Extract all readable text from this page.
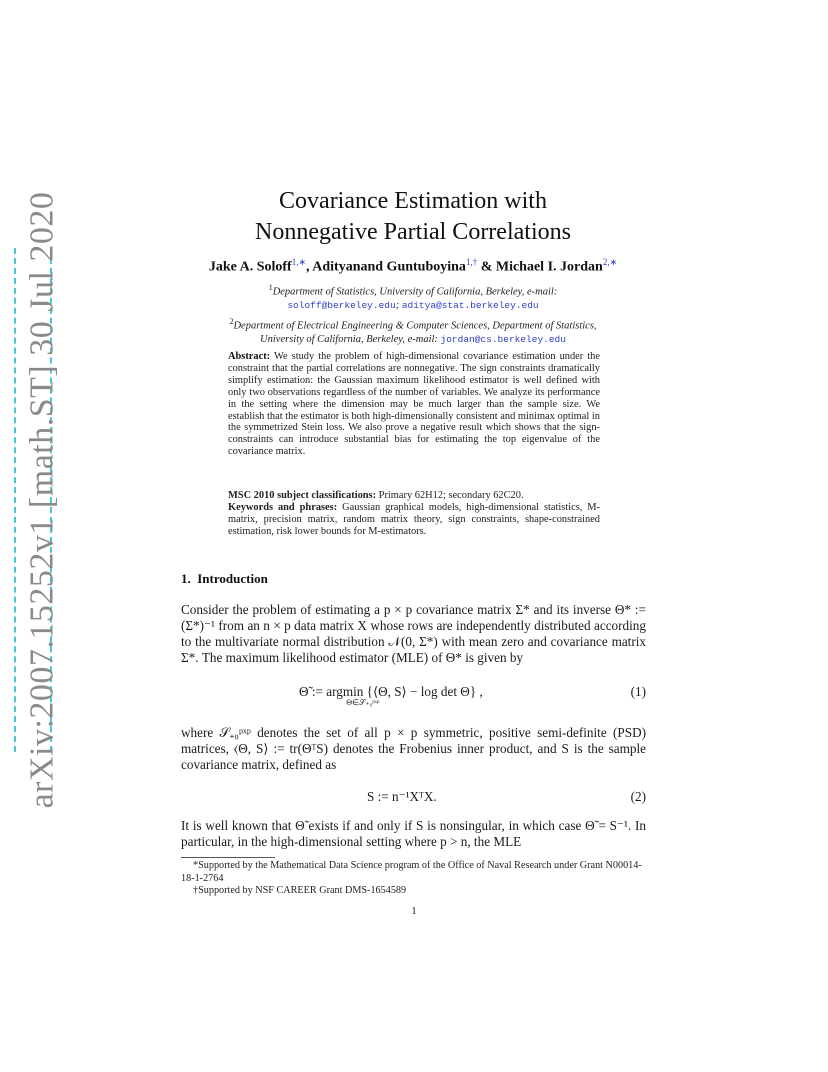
arXiv:2007.15252v1 [math.ST] 30 Jul 2020	Covariance Estimation with
Nonnegative Partial Correlations
Jake A. Soloff$^{1,∗}$, Adityanand Guntuboyina$^{1,\dagger}$ & Michael I. Jordan$^{2,∗}$
$^1$Department of Statistics, University of California, Berkeley, e-mail:
soloff@berkeley.edu; aditya@stat.berkeley.edu
$^2$Department of Electrical Engineering & Computer Sciences, Department of Statistics,
University of California, Berkeley, e-mail: jordan@cs.berkeley.edu
Abstract: We study the problem of high-dimensional covariance estimation under the constraint that the partial correlations are nonnegative. The sign constraints dramatically simplify estimation: the Gaussian maximum likelihood estimator is well defined with only two observations regardless of the number of variables. We analyze its performance in the setting where the dimension may be much larger than the sample size. We establish that the estimator is both high-dimensionally consistent and minimax optimal in the symmetrized Stein loss. We also prove a negative result which shows that the sign-constraints can introduce substantial bias for estimating the top eigenvalue of the covariance matrix.
MSC 2010 subject classifications: Primary 62H12; secondary 62C20.
Keywords and phrases: Gaussian graphical models, high-dimensional statistics, M-matrix, precision matrix, random matrix theory, sign constraints, shape-constrained estimation, risk lower bounds for M-estimators.
1. Introduction
Consider the problem of estimating a p × p covariance matrix Σ* and its inverse Θ* := (Σ*)⁻¹ from an n × p data matrix X whose rows are independently distributed according to the multivariate normal distribution 𝒩(0, Σ*) with mean zero and covariance matrix Σ*. The maximum likelihood estimator (MLE) of Θ* is given by
Θ̃ := argmin {⟨Θ, S⟩ − log det Θ} ,
Θ∈𝒮₊₀ᵖˣᵖ
(1)
where 𝒮₊₀ᵖˣᵖ denotes the set of all p × p symmetric, positive semi-definite (PSD) matrices, ⟨Θ, S⟩ := tr(ΘᵀS) denotes the Frobenius inner product, and S is the sample covariance matrix, defined as
S := n⁻¹XᵀX.	(2)
It is well known that Θ̃ exists if and only if S is nonsingular, in which case Θ̃ = S⁻¹. In particular, in the high-dimensional setting where p > n, the MLE

*Supported by the Mathematical Data Science program of the Office of Naval Research under Grant N00014-18-1-2764

†Supported by NSF CAREER Grant DMS-1654589

1
